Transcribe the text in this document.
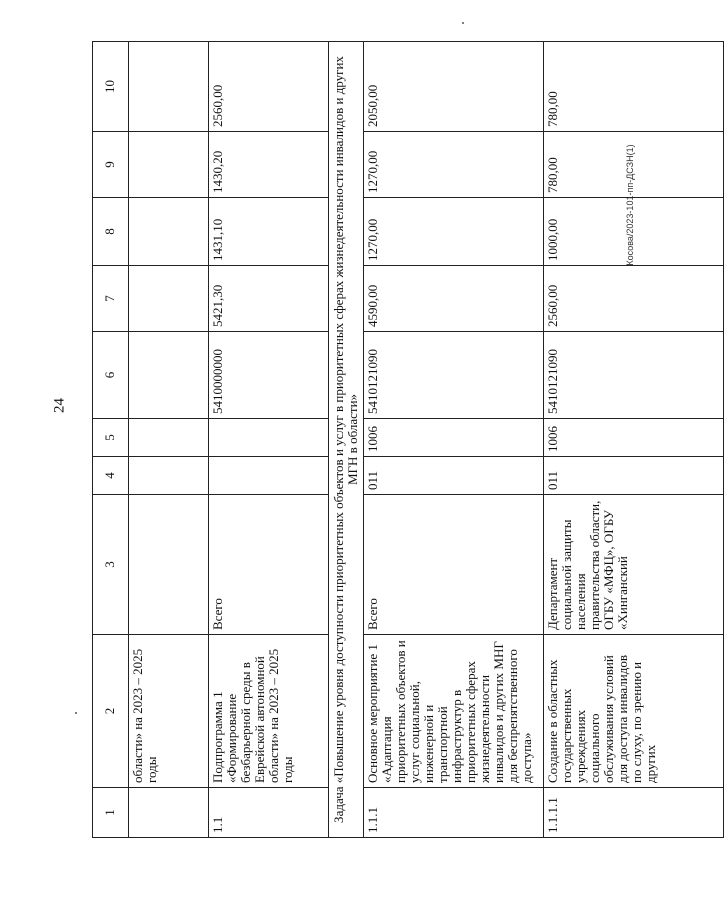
24
Косова/2023-101-пп-ДСЗН(1)
1	2	3	4	5	6	7	8	9	10
	области» на 2023 – 2025 годы								
1.1	Подпрограмма 1 «Формирование безбарьерной среды в Еврейской автономной области» на 2023 – 2025 годы	Всего			5410000000	5421,30	1431,10	1430,20	2560,00
Задача «Повышение уровня доступности приоритетных объектов и услуг в приоритетных сферах жизнедеятельности инвалидов и других МГН в области»									
1.1.1	Основное мероприятие 1 «Адаптация приоритетных объектов и услуг социальной, инженерной и транспортной инфраструктур в приоритетных сферах жизнедеятельности инвалидов и других МНГ для беспрепятственного доступа»	Всего	011	1006	5410121090	4590,00	1270,00	1270,00	2050,00
1.1.1.1	Создание в областных государственных учреждениях социального обслуживания условий для доступа инвалидов по слуху, по зрению и других	Департамент социальной защиты населения правительства области, ОГБУ «МФЦ», ОГБУ «Хинганский	011	1006	5410121090	2560,00	1000,00	780,00	780,00
